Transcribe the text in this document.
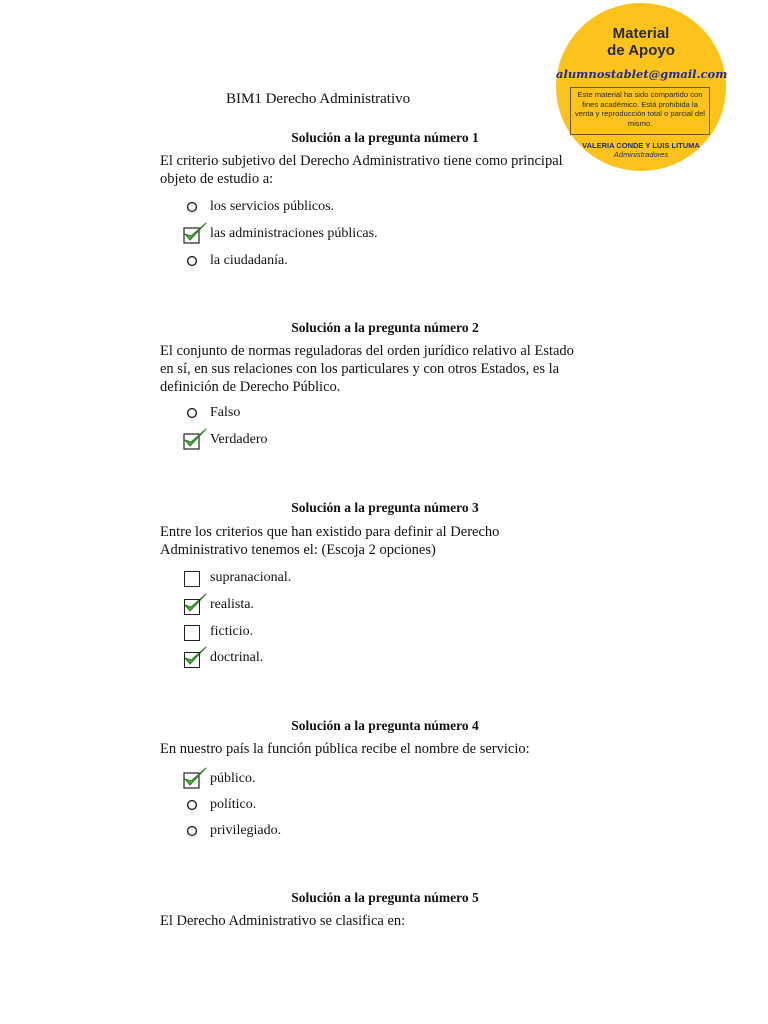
BIM1 Derecho Administrativo
Material
de Apoyo
alumnostablet@gmail.com
Este material ha sido compartido con fines académico. Está prohibida la venta y reproducción total o parcial del mismo.
VALERIA CONDE Y LUIS LITUMA
Administradores
Solución a la pregunta número 1
El criterio subjetivo del Derecho Administrativo tiene como principal objeto de estudio a:
los servicios públicos.
las administraciones públicas.
la ciudadanía.
Solución a la pregunta número 2
El conjunto de normas reguladoras del orden jurídico relativo al Estado en sí, en sus relaciones con los particulares y con otros Estados, es la definición de Derecho Público.
Falso
Verdadero
Solución a la pregunta número 3
Entre los criterios que han existido para definir al Derecho Administrativo tenemos el: (Escoja 2 opciones)
supranacional.
realista.
ficticio.
doctrinal.
Solución a la pregunta número 4
En nuestro país la función pública recibe el nombre de servicio:
público.
político.
privilegiado.
Solución a la pregunta número 5
El Derecho Administrativo se clasifica en:
